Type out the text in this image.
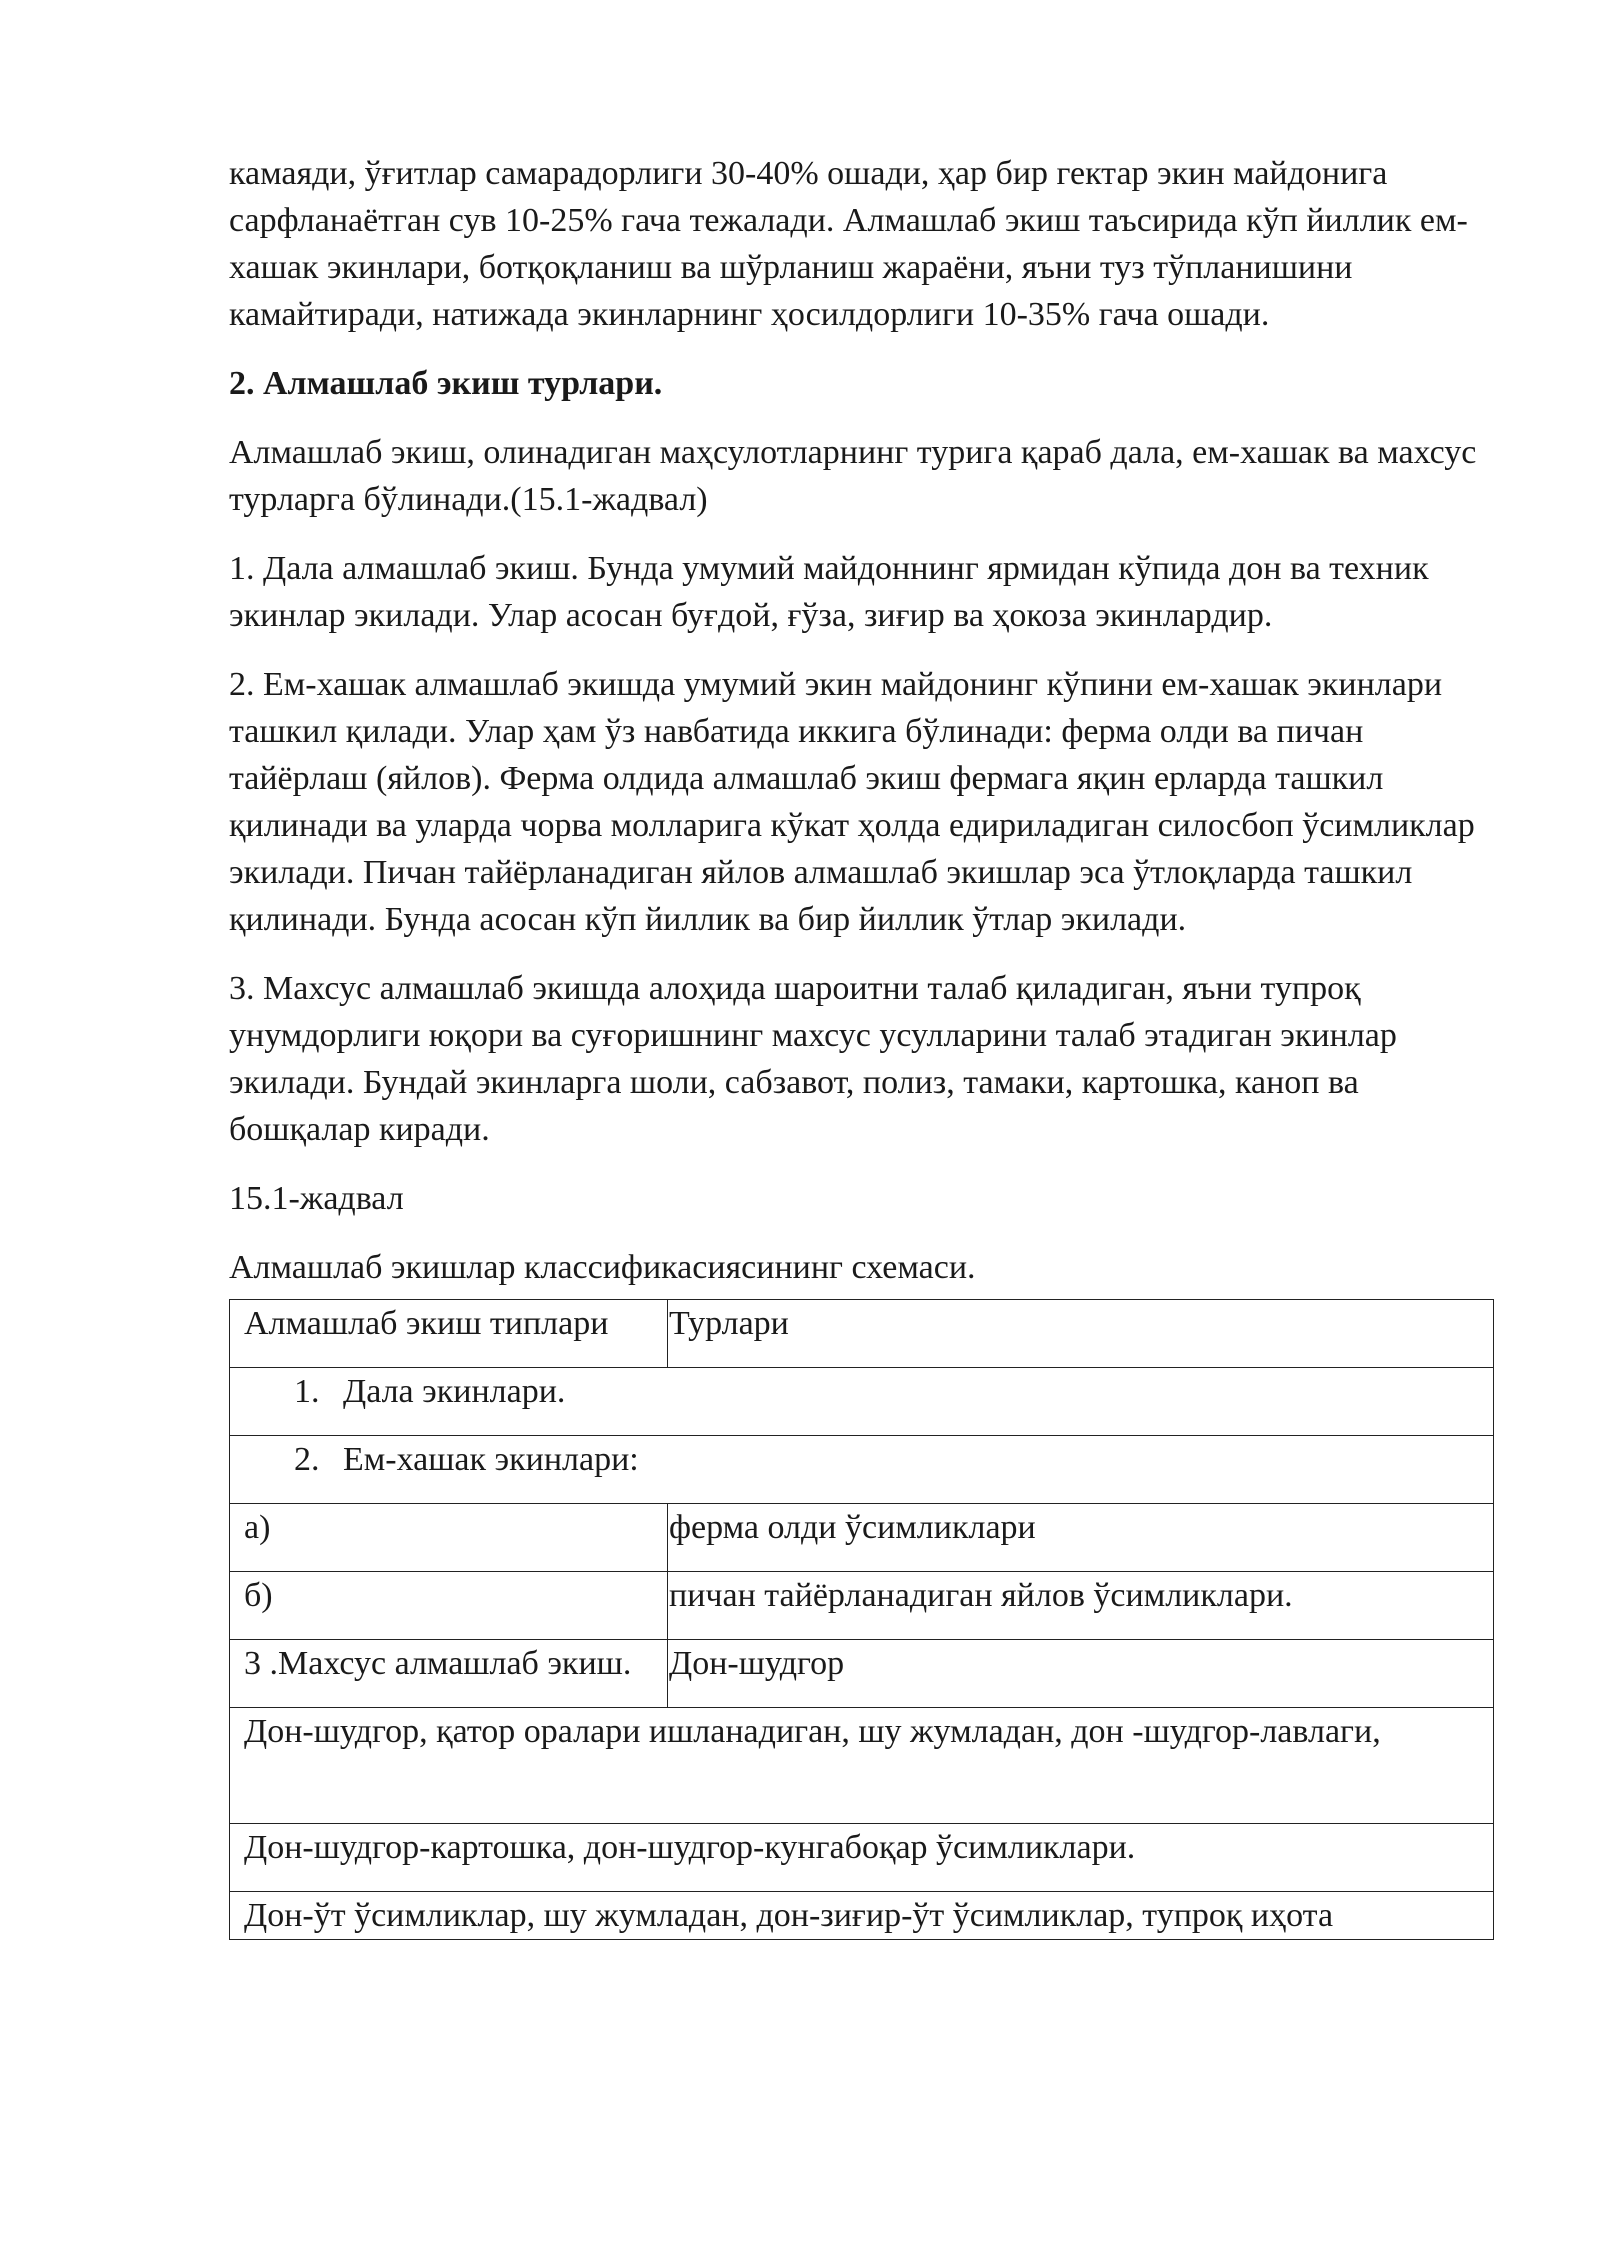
камаяди, ўғитлар самарадорлиги 30-40% ошади, ҳар бир гектар экин майдонига сарфланаётган сув 10-25% гача тежалади. Алмашлаб экиш таъсирида кўп йиллик ем-хашак экинлари, ботқоқланиш ва шўрланиш жараёни, яъни туз тўпланишини камайтиради, натижада экинларнинг ҳосилдорлиги 10-35% гача ошади.

2. Алмашлаб экиш турлари.

Алмашлаб экиш, олинадиган маҳсулотларнинг турига қараб дала, ем-хашак ва махсус турларга бўлинади.(15.1-жадвал)

1. Дала алмашлаб экиш. Бунда умумий майдоннинг ярмидан кўпида дон ва техник экинлар экилади. Улар асосан буғдой, ғўза, зиғир ва ҳокоза экинлардир.

2. Ем-хашак алмашлаб экишда умумий экин майдонинг кўпини ем-хашак экинлари ташкил қилади. Улар ҳам ўз навбатида иккига бўлинади: ферма олди ва пичан тайёрлаш (яйлов). Ферма олдида алмашлаб экиш фермага яқин ерларда ташкил қилинади ва уларда чорва молларига кўкат ҳолда едириладиган силосбоп ўсимликлар экилади. Пичан тайёрланадиган яйлов алмашлаб экишлар эса ўтлоқларда ташкил қилинади. Бунда асосан кўп йиллик ва бир йиллик ўтлар экилади.

3. Махсус алмашлаб экишда алоҳида шароитни талаб қиладиган, яъни тупроқ унумдорлиги юқори ва суғоришнинг махсус усулларини талаб этадиган экинлар экилади. Бундай экинларга шоли, сабзавот, полиз, тамаки, картошка, каноп ва бошқалар киради.

15.1-жадвал

Алмашлаб экишлар классификасиясининг схемаси.

Алмашлаб экиш типлари	Турлари
1. Дала экинлари.	
2. Ем-хашак экинлари:	
а)	ферма олди ўсимликлари
б)	пичан тайёрланадиган яйлов ўсимликлари.
3 .Махсус алмашлаб экиш.	Дон-шудгор
Дон-шудгор, қатор оралари ишланадиган, шу жумладан, дон -шудгор-лавлаги,	
Дон-шудгор-картошка, дон-шудгор-кунгабоқар ўсимликлари.	
Дон-ўт ўсимликлар, шу жумладан, дон-зиғир-ўт ўсимликлар, тупроқ иҳота	
